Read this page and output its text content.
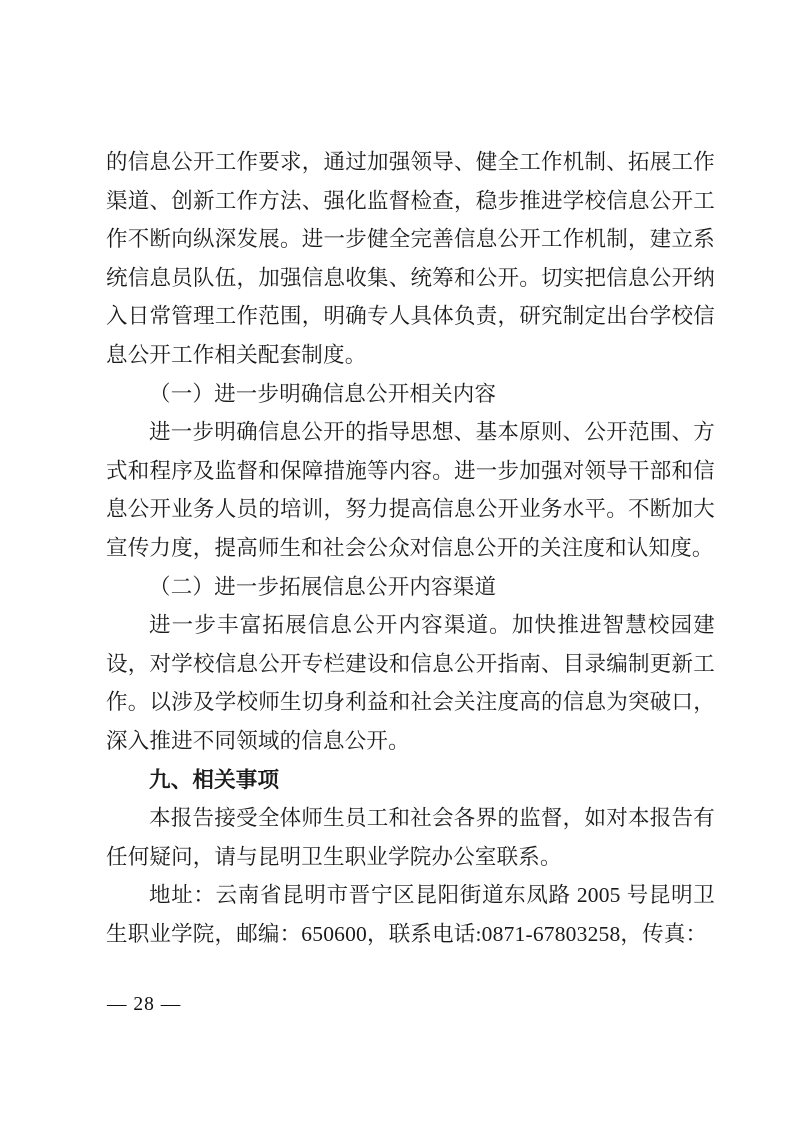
的信息公开工作要求，通过加强领导、健全工作机制、拓展工作渠道、创新工作方法、强化监督检查，稳步推进学校信息公开工作不断向纵深发展。进一步健全完善信息公开工作机制，建立系统信息员队伍，加强信息收集、统筹和公开。切实把信息公开纳入日常管理工作范围，明确专人具体负责，研究制定出台学校信息公开工作相关配套制度。

（一）进一步明确信息公开相关内容

进一步明确信息公开的指导思想、基本原则、公开范围、方式和程序及监督和保障措施等内容。进一步加强对领导干部和信息公开业务人员的培训，努力提高信息公开业务水平。不断加大宣传力度，提高师生和社会公众对信息公开的关注度和认知度。

（二）进一步拓展信息公开内容渠道

进一步丰富拓展信息公开内容渠道。加快推进智慧校园建设，对学校信息公开专栏建设和信息公开指南、目录编制更新工作。以涉及学校师生切身利益和社会关注度高的信息为突破口，深入推进不同领域的信息公开。

九、相关事项

本报告接受全体师生员工和社会各界的监督，如对本报告有任何疑问，请与昆明卫生职业学院办公室联系。

地址：云南省昆明市晋宁区昆阳街道东凤路 2005 号昆明卫生职业学院，邮编：650600，联系电话:0871-67803258，传真：

— 28 —
